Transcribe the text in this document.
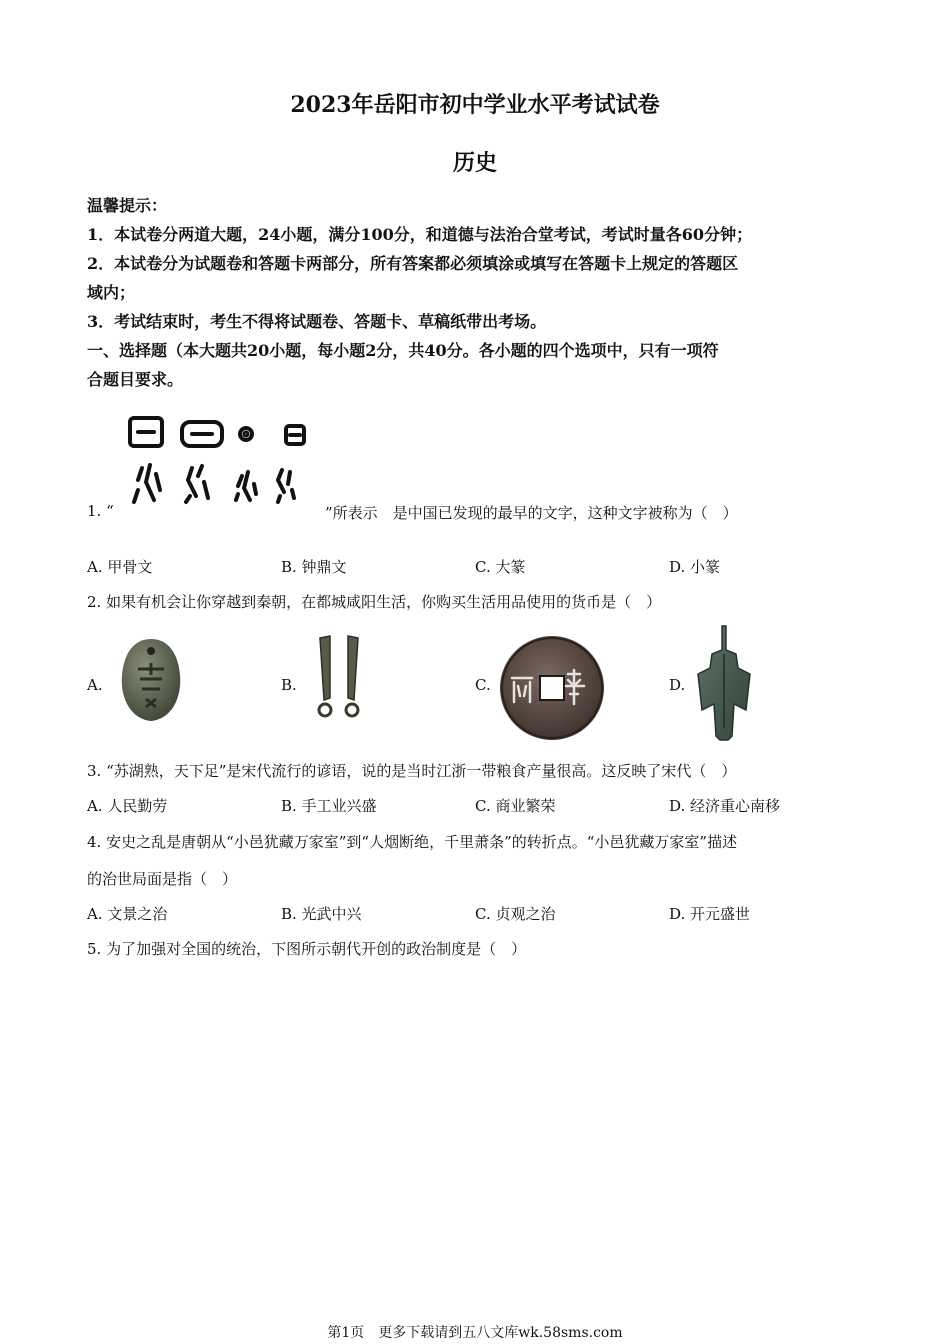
2023年岳阳市初中学业水平考试试卷
历史
温馨提示：
1．本试卷分两道大题，24小题，满分100分，和道德与法治合堂考试，考试时量各60分钟；
2．本试卷分为试题卷和答题卡两部分，所有答案都必须填涂或填写在答题卡上规定的答题区
域内；
3．考试结束时，考生不得将试题卷、答题卡、草稿纸带出考场。
一、选择题（本大题共20小题，每小题2分，共40分。各小题的四个选项中，只有一项符
合题目要求。
1. “	”所表示　是中国已发现的最早的文字，这种文字被称为（　）
A. 甲骨文	B. 钟鼎文	C. 大篆	D. 小篆
2. 如果有机会让你穿越到秦朝，在都城咸阳生活，你购买生活用品使用的货币是（　）
A.	B.	C.	D.
3. “苏湖熟，天下足”是宋代流行的谚语，说的是当时江浙一带粮食产量很高。这反映了宋代（　）
A. 人民勤劳	B. 手工业兴盛	C. 商业繁荣	D. 经济重心南移
4. 安史之乱是唐朝从“小邑犹藏万家室”到“人烟断绝，千里萧条”的转折点。“小邑犹藏万家室”描述
的治世局面是指（　）
A. 文景之治	B. 光武中兴	C. 贞观之治	D. 开元盛世
5. 为了加强对全国的统治，下图所示朝代开创的政治制度是（　）
第1页　更多下载请到五八文库wk.58sms.com
